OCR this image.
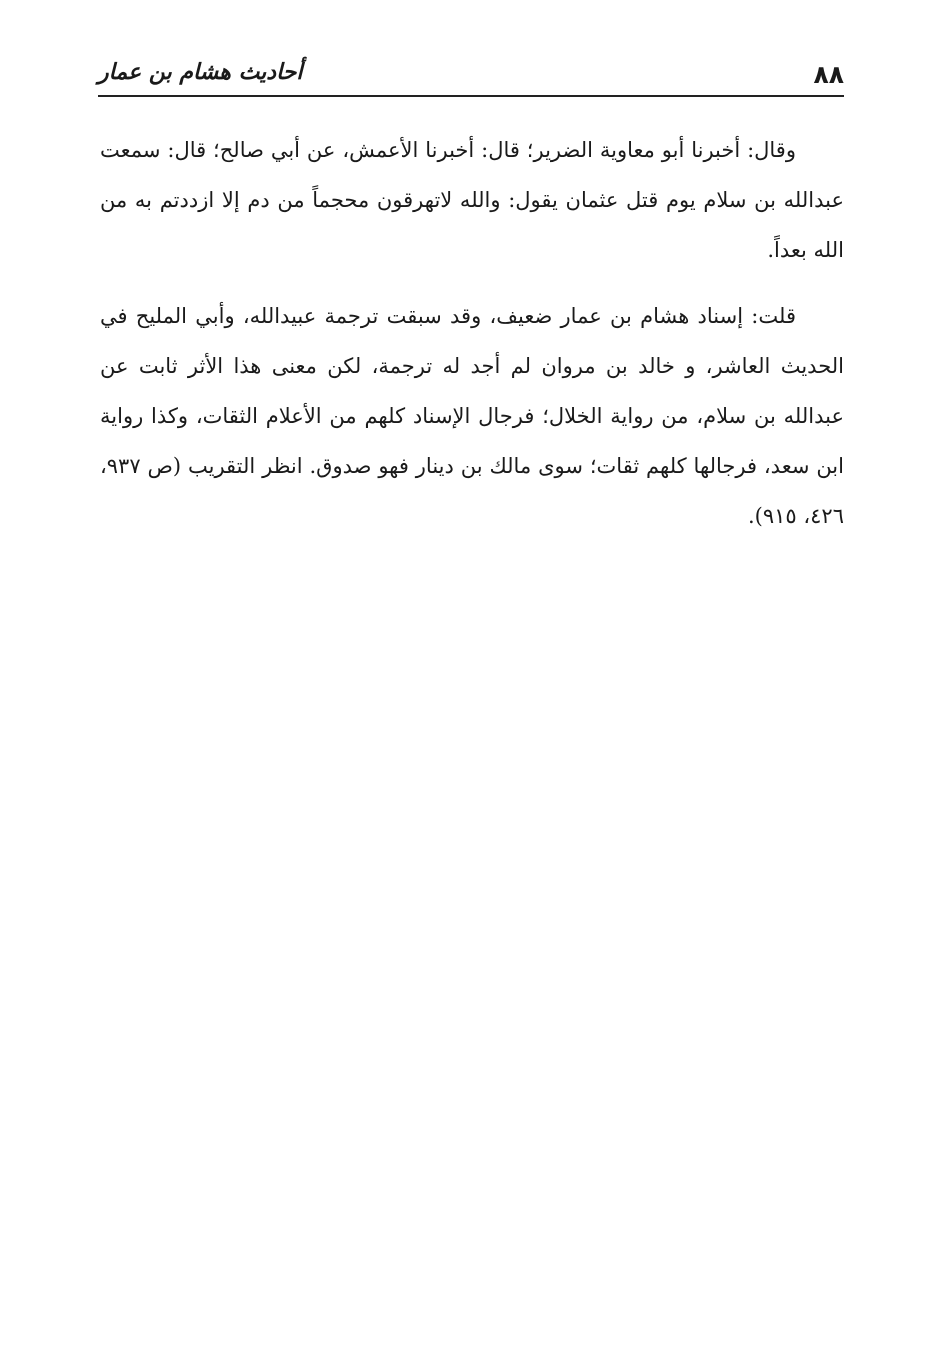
٨٨
أحاديث هشام بن عمار

وقال: أخبرنا أبو معاوية الضرير؛ قال: أخبرنا الأعمش، عن أبي صالح؛ قال: سمعت عبدالله بن سلام يوم قتل عثمان يقول: والله لاتهرقون محجماً من دم إلا ازددتم به من الله بعداً.

قلت: إسناد هشام بن عمار ضعيف، وقد سبقت ترجمة عبيدالله، وأبي المليح في الحديث العاشر، و خالد بن مروان لم أجد له ترجمة، لكن معنى هذا الأثر ثابت عن عبدالله بن سلام، من رواية الخلال؛ فرجال الإسناد كلهم من الأعلام الثقات، وكذا رواية ابن سعد، فرجالها كلهم ثقات؛ سوى مالك بن دينار فهو صدوق. انظر التقريب (ص ٩٣٧، ٤٢٦، ٩١٥).
